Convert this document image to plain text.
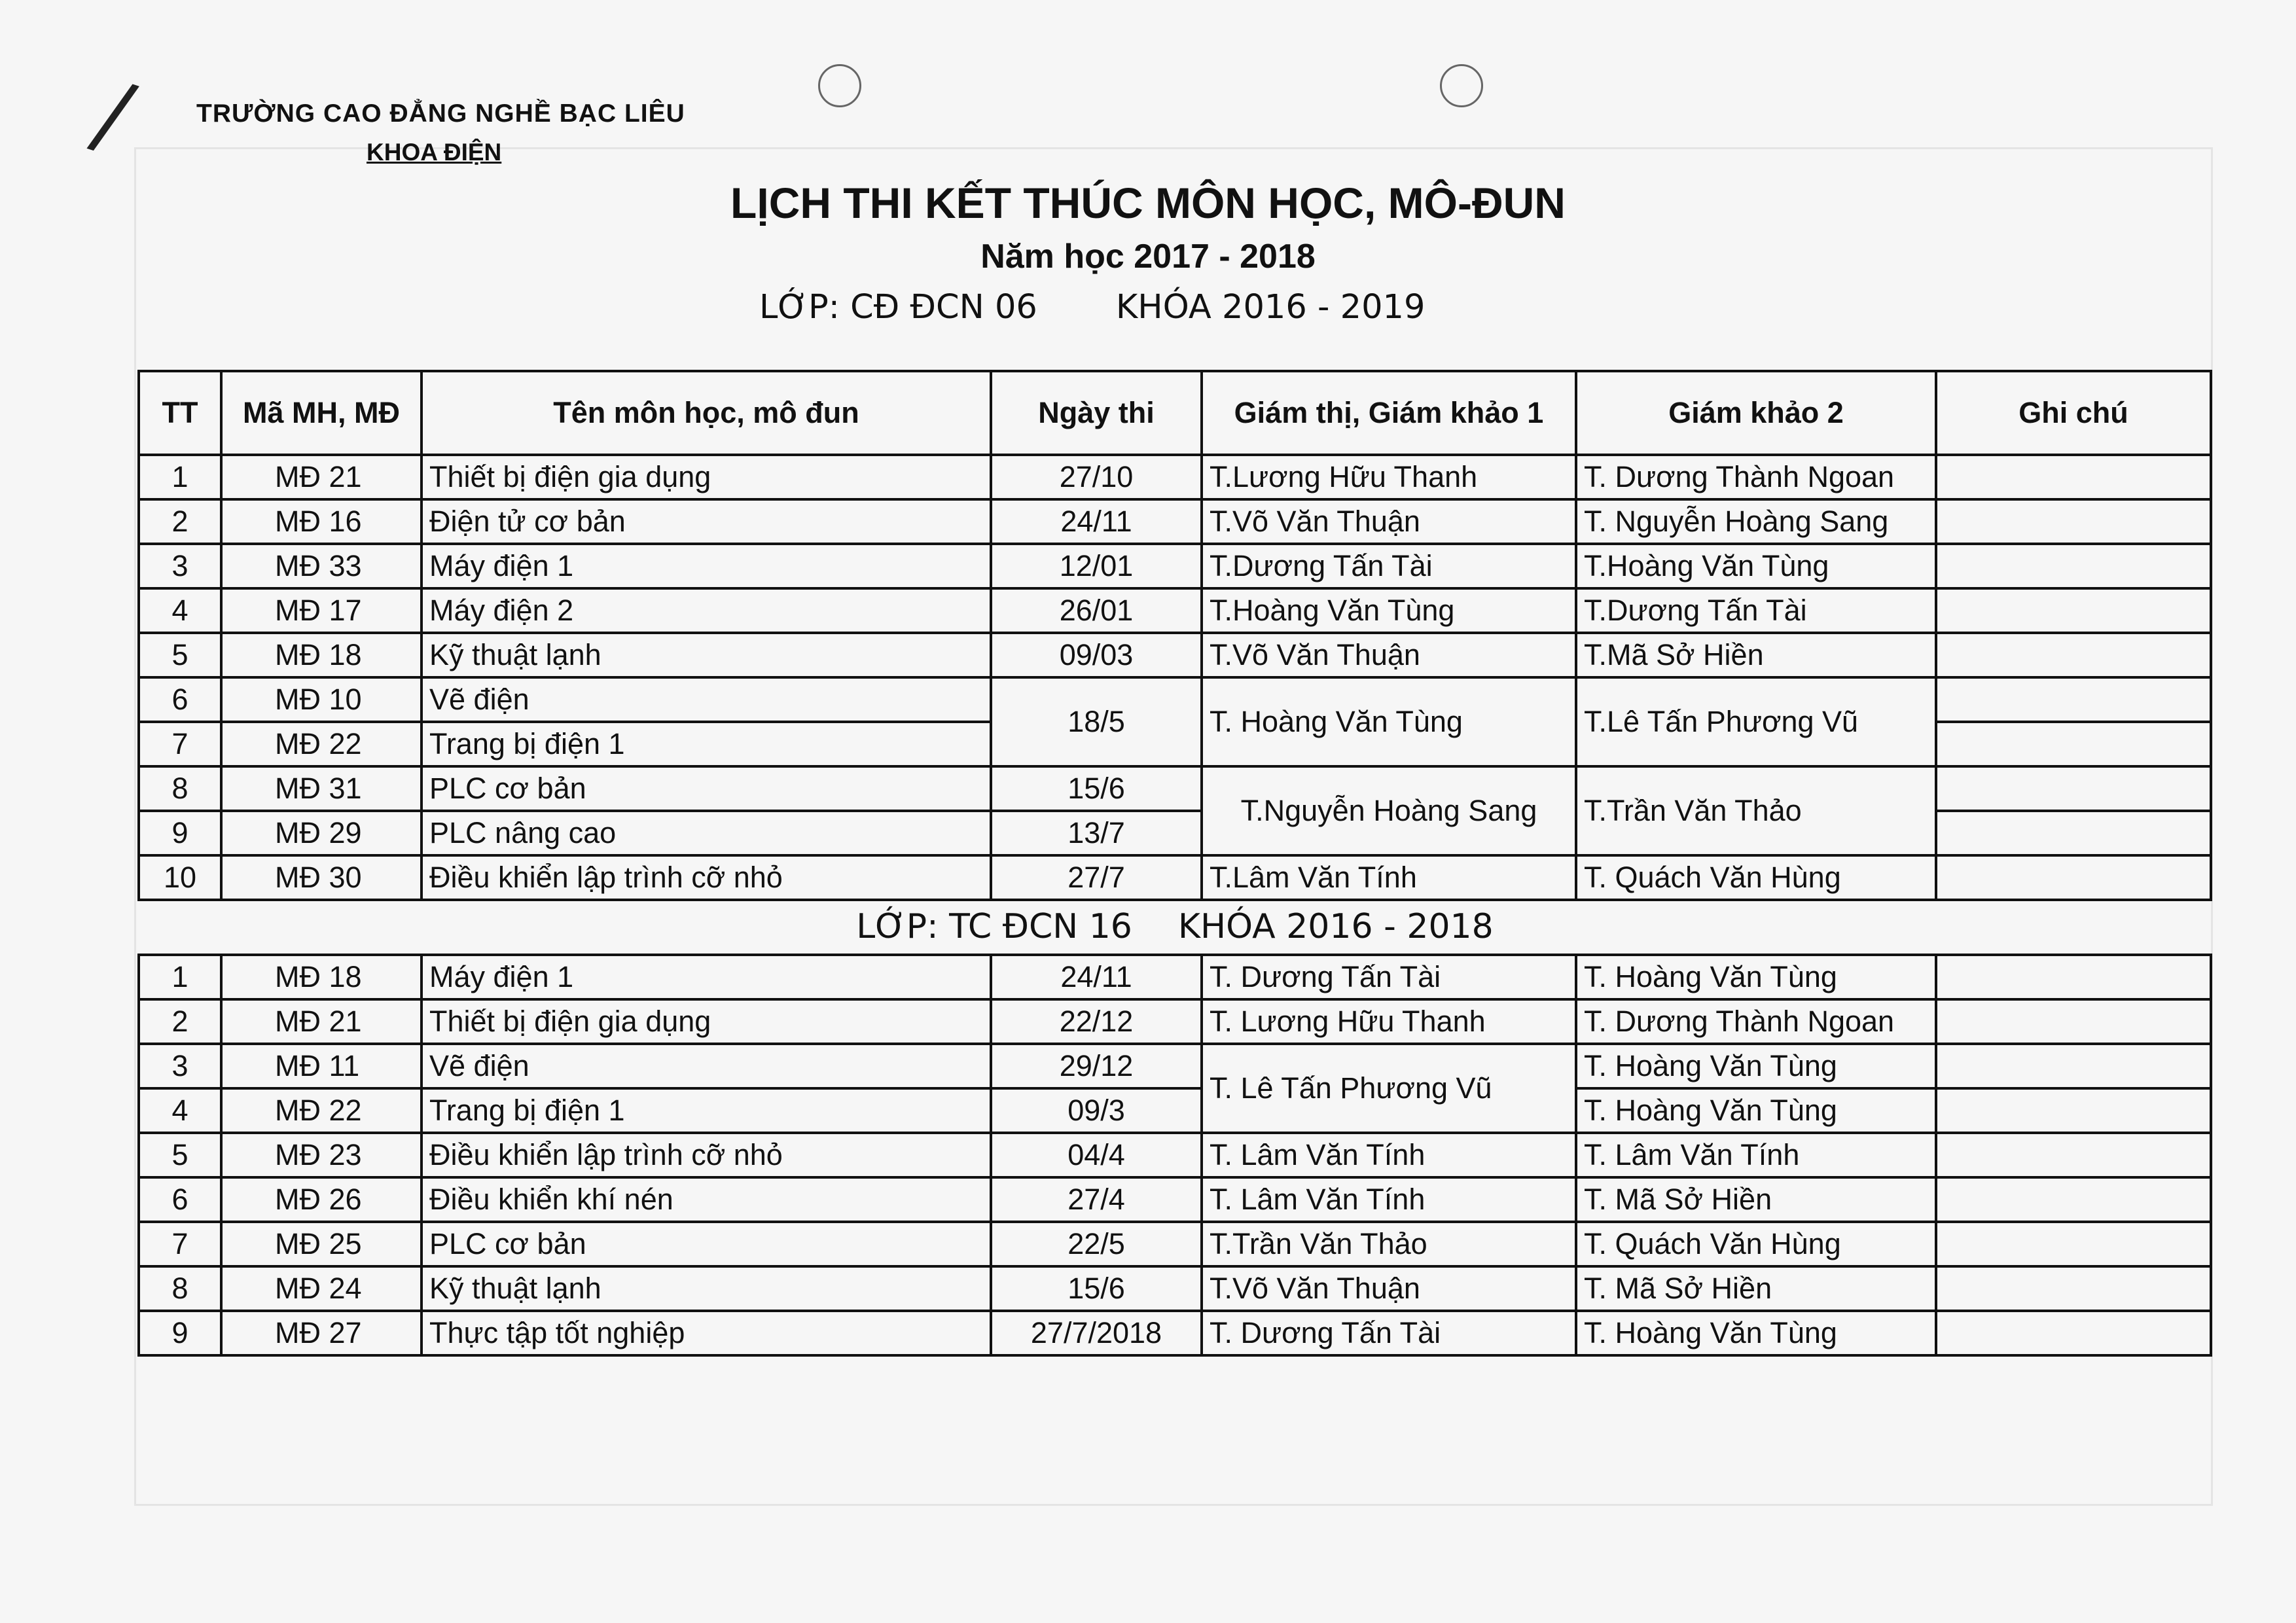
/ TRƯỜNG CAO ĐẲNG NGHỀ BẠC LIÊU
KHOA ĐIỆN
LỊCH THI KẾT THÚC MÔN HỌC, MÔ-ĐUN
Năm học 2017 - 2018
LỚP: CĐ ĐCN 06 KHÓA 2016 - 2019
TT	Mã MH, MĐ	Tên môn học, mô đun	Ngày thi	Giám thị, Giám khảo 1	Giám khảo 2	Ghi chú
1	MĐ 21	Thiết bị điện gia dụng	27/10	T.Lương Hữu Thanh	T. Dương Thành Ngoan	
2	MĐ 16	Điện tử cơ bản	24/11	T.Võ Văn Thuận	T. Nguyễn Hoàng Sang	
3	MĐ 33	Máy điện 1	12/01	T.Dương Tấn Tài	T.Hoàng Văn Tùng	
4	MĐ 17	Máy điện 2	26/01	T.Hoàng Văn Tùng	T.Dương Tấn Tài	
5	MĐ 18	Kỹ thuật lạnh	09/03	T.Võ Văn Thuận	T.Mã Sở Hiền	
6	MĐ 10	Vẽ điện	18/5	T. Hoàng Văn Tùng	T.Lê Tấn Phương Vũ	
7	MĐ 22	Trang bị điện 1				
8	MĐ 31	PLC cơ bản	15/6	T.Nguyễn Hoàng Sang	T.Trần Văn Thảo	
9	MĐ 29	PLC nâng cao	13/7			
10	MĐ 30	Điều khiển lập trình cỡ nhỏ	27/7	T.Lâm Văn Tính	T. Quách Văn Hùng	
LỚP: TC ĐCN 16 KHÓA 2016 - 2018						
1	MĐ 18	Máy điện 1	24/11	T. Dương Tấn Tài	T. Hoàng Văn Tùng	
2	MĐ 21	Thiết bị điện gia dụng	22/12	T. Lương Hữu Thanh	T. Dương Thành Ngoan	
3	MĐ 11	Vẽ điện	29/12	T. Lê Tấn Phương Vũ	T. Hoàng Văn Tùng	
4	MĐ 22	Trang bị điện 1	09/3		T. Hoàng Văn Tùng	
5	MĐ 23	Điều khiển lập trình cỡ nhỏ	04/4	T. Lâm Văn Tính	T. Lâm Văn Tính	
6	MĐ 26	Điều khiển khí nén	27/4	T. Lâm Văn Tính	T. Mã Sở Hiền	
7	MĐ 25	PLC cơ bản	22/5	T.Trần Văn Thảo	T. Quách Văn Hùng	
8	MĐ 24	Kỹ thuật lạnh	15/6	T.Võ Văn Thuận	T. Mã Sở Hiền	
9	MĐ 27	Thực tập tốt nghiệp	27/7/2018	T. Dương Tấn Tài	T. Hoàng Văn Tùng	
